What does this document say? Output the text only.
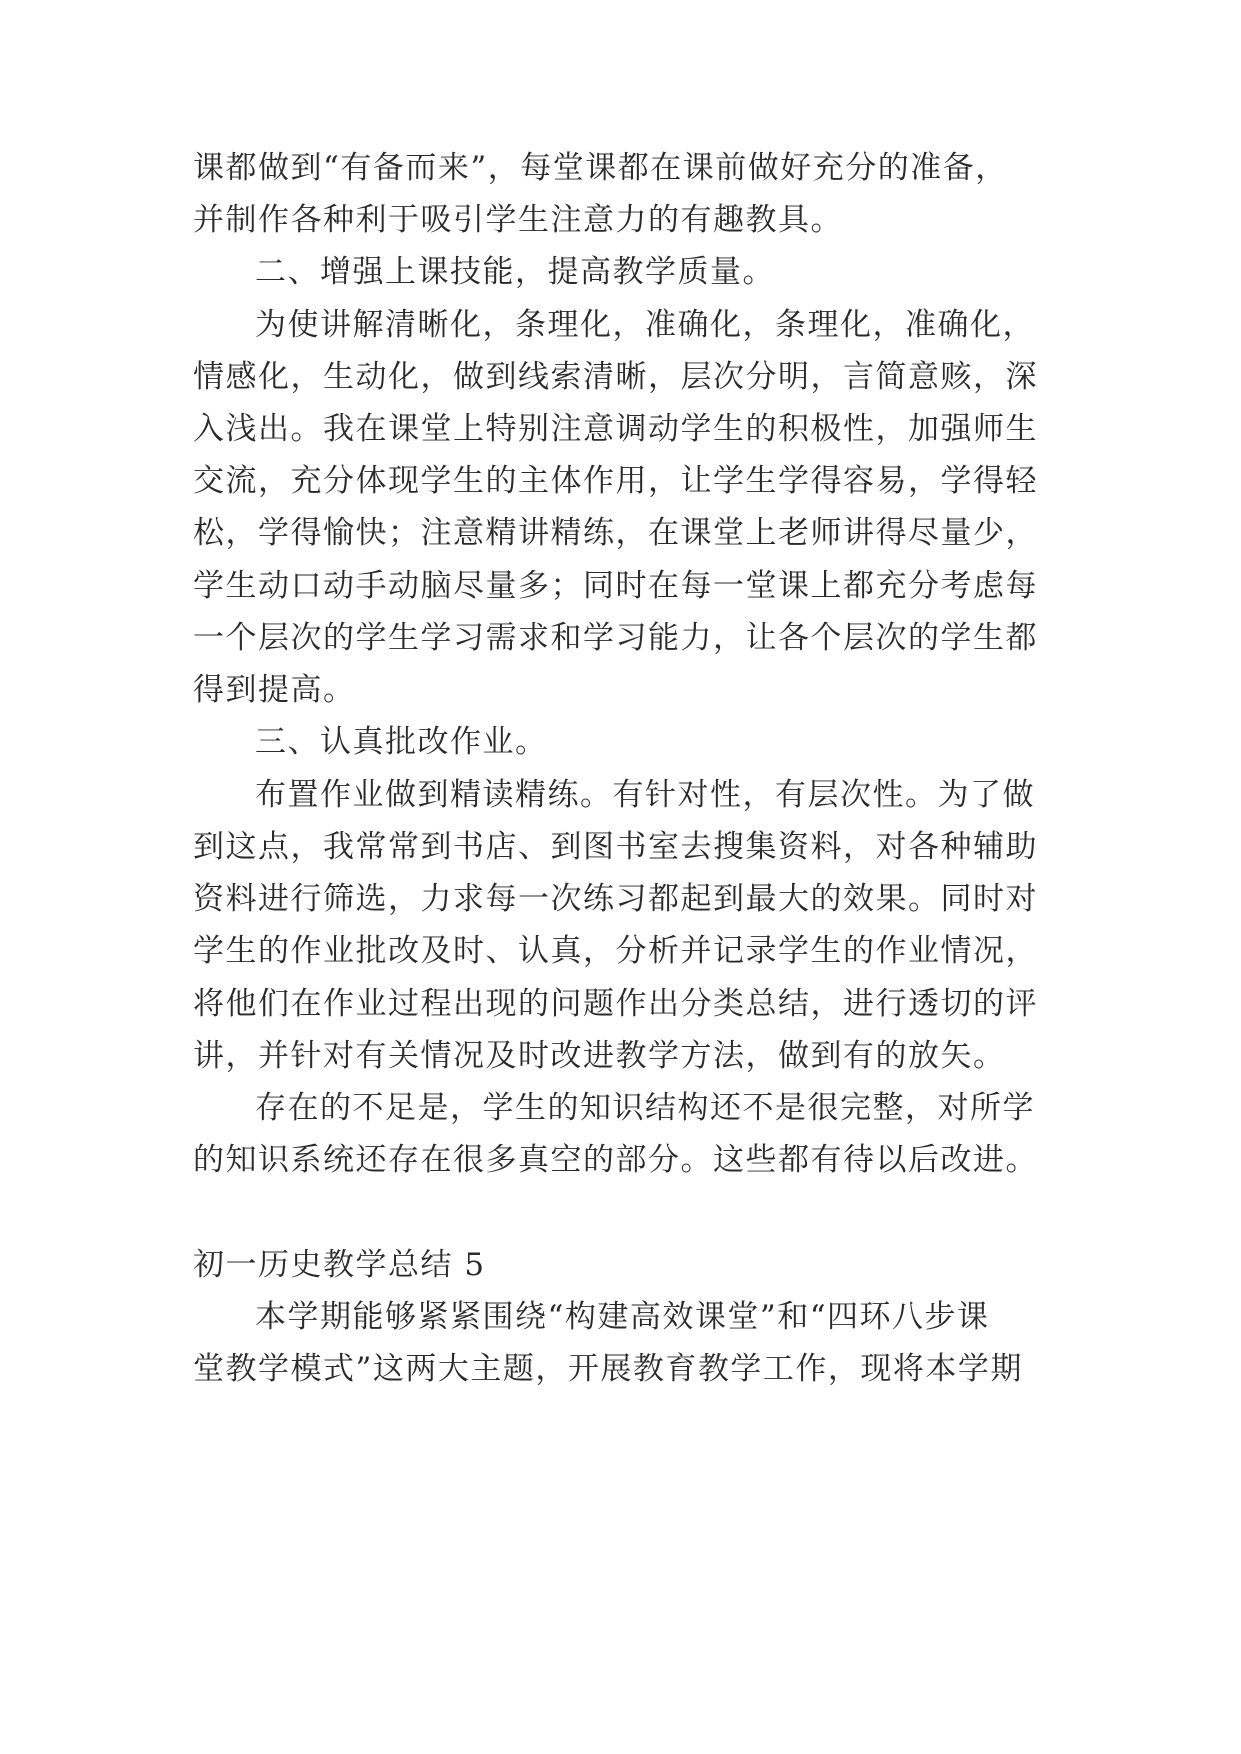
课都做到“有备而来”，每堂课都在课前做好充分的准备，
并制作各种利于吸引学生注意力的有趣教具。
二、增强上课技能，提高教学质量。
为使讲解清晰化，条理化，准确化，条理化，准确化，
情感化，生动化，做到线索清晰，层次分明，言简意赅，深
入浅出。我在课堂上特别注意调动学生的积极性，加强师生
交流，充分体现学生的主体作用，让学生学得容易，学得轻
松，学得愉快；注意精讲精练，在课堂上老师讲得尽量少，
学生动口动手动脑尽量多；同时在每一堂课上都充分考虑每
一个层次的学生学习需求和学习能力，让各个层次的学生都
得到提高。
三、认真批改作业。
布置作业做到精读精练。有针对性，有层次性。为了做
到这点，我常常到书店、到图书室去搜集资料，对各种辅助
资料进行筛选，力求每一次练习都起到最大的效果。同时对
学生的作业批改及时、认真，分析并记录学生的作业情况，
将他们在作业过程出现的问题作出分类总结，进行透切的评
讲，并针对有关情况及时改进教学方法，做到有的放矢。
存在的不足是，学生的知识结构还不是很完整，对所学
的知识系统还存在很多真空的部分。这些都有待以后改进。
初一历史教学总结 5
本学期能够紧紧围绕“构建高效课堂”和“四环八步课
堂教学模式”这两大主题，开展教育教学工作，现将本学期
